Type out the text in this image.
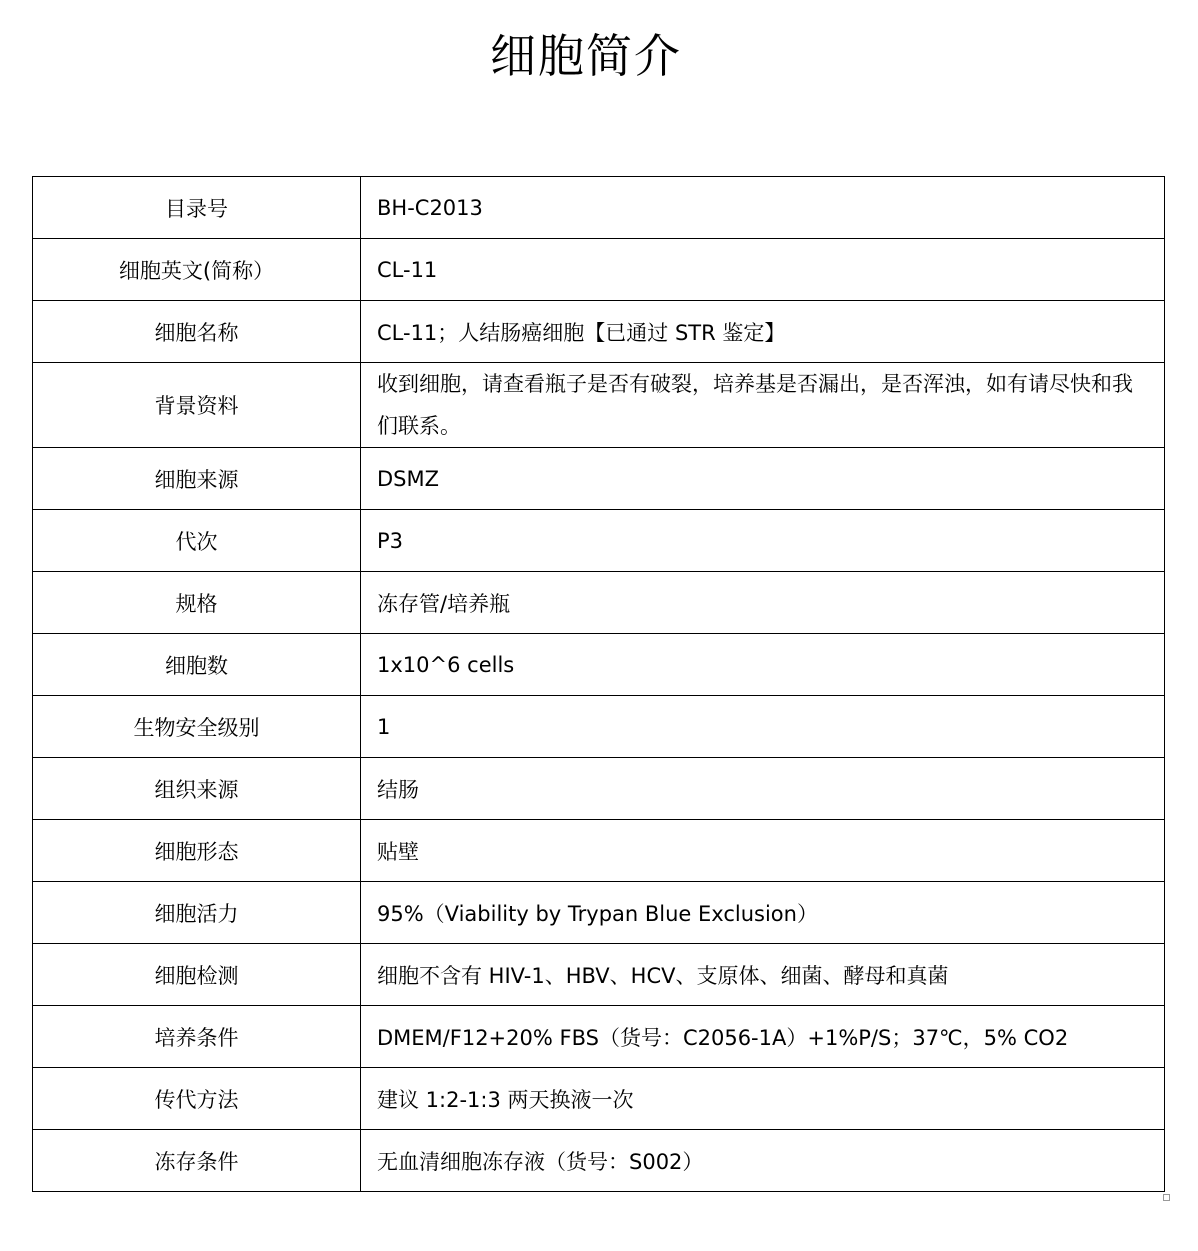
细胞简介
目录号	BH-C2013
细胞英文(简称）	CL-11
细胞名称	CL-11；人结肠癌细胞【已通过 STR 鉴定】
背景资料	收到细胞，请查看瓶子是否有破裂，培养基是否漏出，是否浑浊，如有请尽快和我们联系。
细胞来源	DSMZ
代次	P3
规格	冻存管/培养瓶
细胞数	1x10^6 cells
生物安全级别	1
组织来源	结肠
细胞形态	贴壁
细胞活力	95%（Viability by Trypan Blue Exclusion）
细胞检测	细胞不含有 HIV-1、HBV、HCV、支原体、细菌、酵母和真菌
培养条件	DMEM/F12+20% FBS（货号：C2056-1A）+1%P/S；37℃，5% CO2
传代方法	建议 1:2-1:3 两天换液一次
冻存条件	无血清细胞冻存液（货号：S002）
